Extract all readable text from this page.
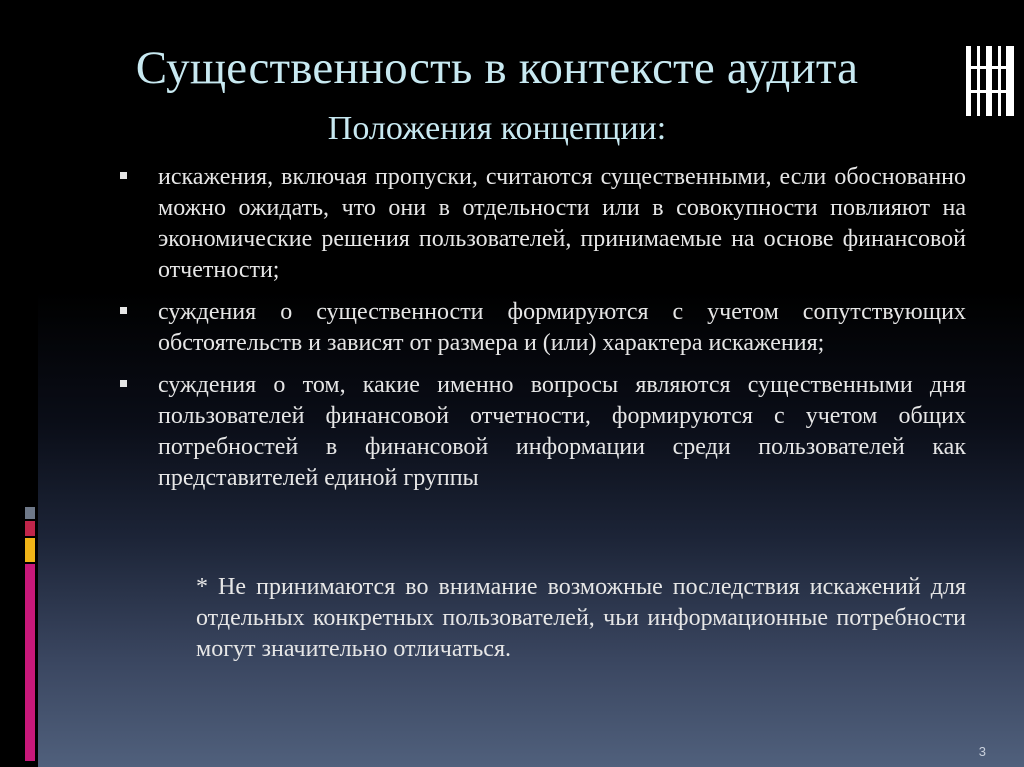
Существенность в контексте аудита
Положения концепции:
искажения, включая пропуски, считаются существенными, если обоснованно можно ожидать, что они в отдельности или в совокупности повлияют на экономические решения пользователей, принимаемые на основе финансовой отчетности;
суждения о существенности формируются с учетом сопутствующих обстоятельств и зависят от размера и (или) характера искажения;
суждения о том, какие именно вопросы являются существенными дня пользователей финансовой отчетности, формируются с учетом общих потребностей в финансовой информации среди пользователей как представителей единой группы
* Не принимаются во внимание возможные последствия искажений для отдельных конкретных пользователей, чьи информационные потребности могут значительно отличаться.
3
